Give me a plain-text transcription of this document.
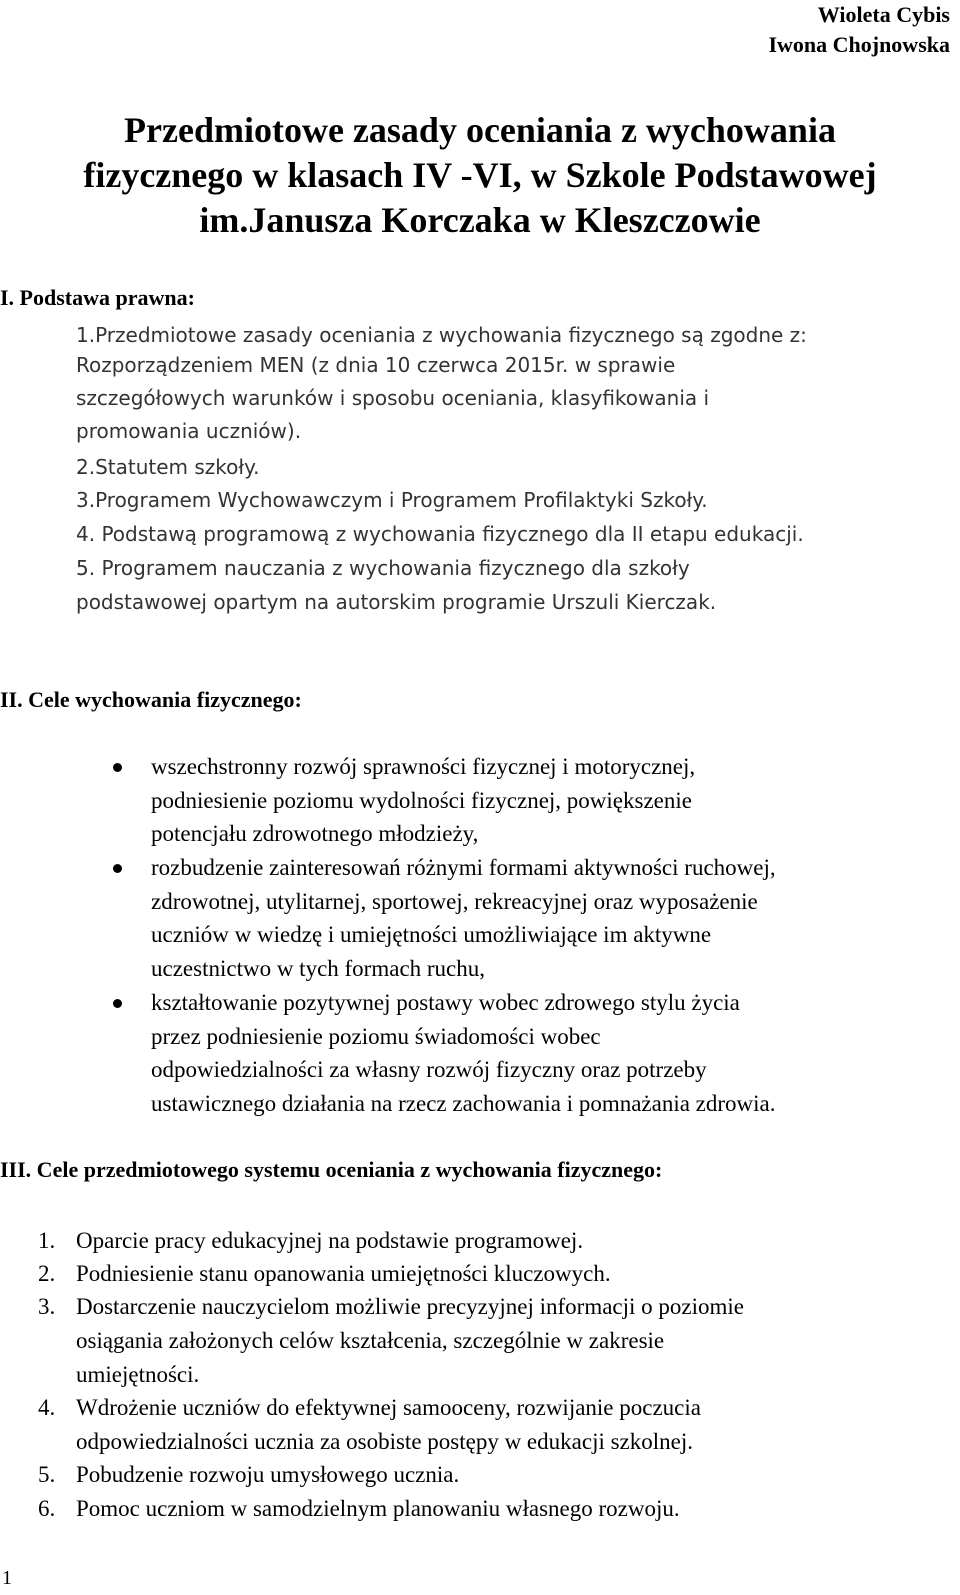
Wioleta Cybis
Iwona Chojnowska
Przedmiotowe zasady oceniania z wychowania
fizycznego w klasach IV -VI, w Szkole Podstawowej
im.Janusza Korczaka w Kleszczowie
I. Podstawa prawna:
1.Przedmiotowe zasady oceniania z wychowania fizycznego są zgodne z:
Rozporządzeniem MEN (z dnia 10 czerwca 2015r. w sprawie
szczegółowych warunków i sposobu oceniania, klasyfikowania i
promowania uczniów).
2.Statutem szkoły.
3.Programem Wychowawczym i Programem Profilaktyki Szkoły.
4. Podstawą programową z wychowania fizycznego dla II etapu edukacji.
5. Programem nauczania z wychowania fizycznego dla szkoły
podstawowej opartym na autorskim programie Urszuli Kierczak.
II. Cele wychowania fizycznego:
wszechstronny rozwój sprawności fizycznej i motorycznej,
podniesienie poziomu wydolności fizycznej, powiększenie
potencjału zdrowotnego młodzieży,
rozbudzenie zainteresowań różnymi formami aktywności ruchowej,
zdrowotnej, utylitarnej, sportowej, rekreacyjnej oraz wyposażenie
uczniów w wiedzę i umiejętności umożliwiające im aktywne
uczestnictwo w tych formach ruchu,
kształtowanie pozytywnej postawy wobec zdrowego stylu życia
przez podniesienie poziomu świadomości wobec
odpowiedzialności za własny rozwój fizyczny oraz potrzeby
ustawicznego działania na rzecz zachowania i pomnażania zdrowia.
III. Cele przedmiotowego systemu oceniania z wychowania fizycznego:
1. Oparcie pracy edukacyjnej na podstawie programowej.
2. Podniesienie stanu opanowania umiejętności kluczowych.
3. Dostarczenie nauczycielom możliwie precyzyjnej informacji o poziomie
osiągania założonych celów kształcenia, szczególnie w zakresie
umiejętności.
4. Wdrożenie uczniów do efektywnej samooceny, rozwijanie poczucia
odpowiedzialności ucznia za osobiste postępy w edukacji szkolnej.
5. Pobudzenie rozwoju umysłowego ucznia.
6. Pomoc uczniom w samodzielnym planowaniu własnego rozwoju.
1
